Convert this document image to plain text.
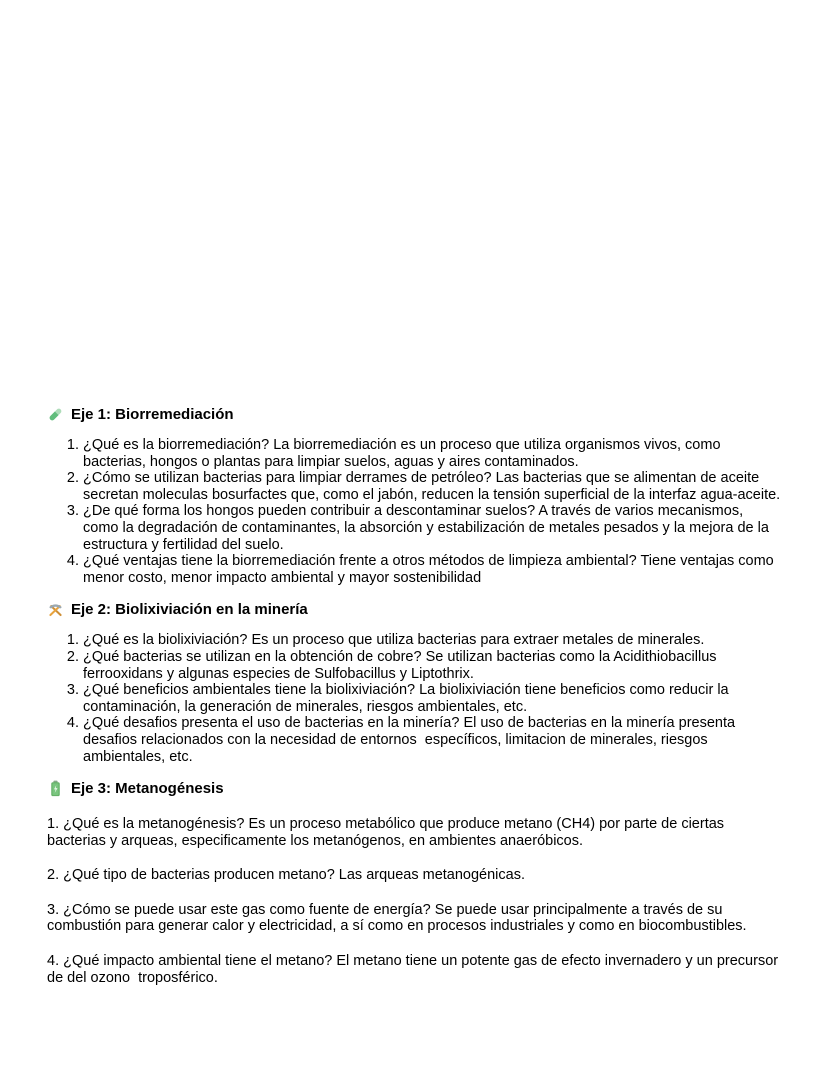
Eje 1: Biorremediación
1. ¿Qué es la biorremediación? La biorremediación es un proceso que utiliza organismos vivos, como bacterias, hongos o plantas para limpiar suelos, aguas y aires contaminados.
2. ¿Cómo se utilizan bacterias para limpiar derrames de petróleo? Las bacterias que se alimentan de aceite secretan moleculas bosurfactes que, como el jabón, reducen la tensión superficial de la interfaz agua-aceite.
3. ¿De qué forma los hongos pueden contribuir a descontaminar suelos? A través de varios mecanismos, como la degradación de contaminantes, la absorción y estabilización de metales pesados y la mejora de la estructura y fertilidad del suelo.
4. ¿Qué ventajas tiene la biorremediación frente a otros métodos de limpieza ambiental? Tiene ventajas como menor costo, menor impacto ambiental y mayor sostenibilidad
Eje 2: Biolixiviación en la minería
1. ¿Qué es la biolixiviación? Es un proceso que utiliza bacterias para extraer metales de minerales.
2. ¿Qué bacterias se utilizan en la obtención de cobre? Se utilizan bacterias como la Acidithiobacillus ferrooxidans y algunas especies de Sulfobacillus y Liptothrix.
3. ¿Qué beneficios ambientales tiene la biolixiviación? La biolixiviación tiene beneficios como reducir la contaminación, la generación de minerales, riesgos ambientales, etc.
4. ¿Qué desafios presenta el uso de bacterias en la minería? El uso de bacterias en la minería presenta desafios relacionados con la necesidad de entornos  específicos, limitacion de minerales, riesgos ambientales, etc.
Eje 3: Metanogénesis

1. ¿Qué es la metanogénesis? Es un proceso metabólico que produce metano (CH4) por parte de ciertas bacterias y arqueas, especificamente los metanógenos, en ambientes anaeróbicos.

2. ¿Qué tipo de bacterias producen metano? Las arqueas metanogénicas.

3. ¿Cómo se puede usar este gas como fuente de energía? Se puede usar principalmente a través de su combustión para generar calor y electricidad, a sí como en procesos industriales y como en biocombustibles.

4. ¿Qué impacto ambiental tiene el metano? El metano tiene un potente gas de efecto invernadero y un precursor  de del ozono  troposférico.
